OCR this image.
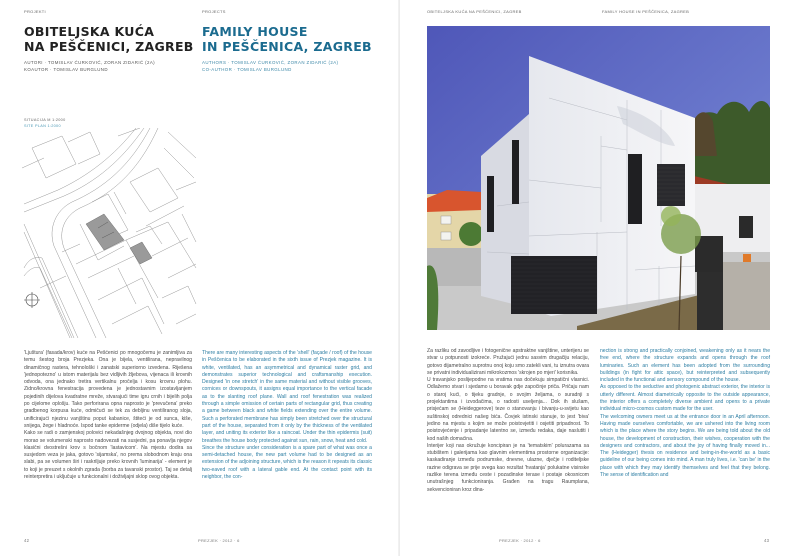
PROJEKTI	PROJECTS
OBITELJSKA KUĆA
NA PEŠČENICI, ZAGREB
FAMILY HOUSE
IN PEŠČENICA, ZAGREB
AUTORI · TOMISLAV ĆURKOVIĆ, ZORAN ZIDARIĆ (2A)
KOAUTOR · TOMISLAV BURGLUND
AUTHORS · TOMISLAV ĆURKOVIĆ, ZORAN ZIDARIĆ (2A)
CO-AUTHOR · TOMISLAV BURGLUND
SITUACIJA M 1:2000
SITE PLAN 1:2000

'Ljuštura' (fasada/krov) kuće na Pešćenici po mnogočemu je zanimljiva za temu šestog broja Prezjeka. Ona je bijela, ventilirana, nepravilnog dinamičnog rastera, tehnološki i zanatski superiorno izvedena. Riješena 'jednopotezno' u istom materijalu bez vidljivih žljebova, vijenaca ili krovnih odvoda, ona jednako tretira vertikalnu pročelja i kosu krovnu plohu. Zidno/krovna fenestracija provedena je jednostavnim izostavljanjem pojedinih dijelova kvadratne mreže, stvarajući time igru crnih i bijelih polja po cijelome oplošju. Tako perforirana opna naprosto je 'prevučena' preko gradbenog korpusa kuće, odmičući se tek za debljinu ventiliranog sloja, unificirajući njezinu vanjštinu poput kabanice, štiteći je od sunca, kiše, snijega, žege i hladnoće. Ispod tanke epiderme (odjela) diše tijelo kuće.

Kako se radi o zamjenskoj polovici nekadašnjeg dvojnog objekta, novi dio morao se volumenski naprosto nadovezati na susjedni, pa ponavlja njegov klasični dvostrešni krov s bočnom 'lastavicom'. Na mjestu dodira sa susjedom veza je jaka, gotovo 'sijamska', no prema slobodnom kraju ona slabi, pa se volumen širi i raskriljuje preko krovnih 'luminarija' - element je to koji je preuzet s okolnih zgrada (borba za tavanski prostor). Taj se detalj reinterpretira i uključuje u funkcionalni i doživljajni sklop ovog objekta.

There are many interesting aspects of the 'shell' (façade / roof) of the house in Peščenica to be elaborated in the sixth issue of Prezjek magazine. It is white, ventilated, has an asymmetrical and dynamical raster grid, and demonstrates superior technological and craftsmanship execution. Designed 'in one stretch' in the same material and without visible grooves, cornices or downspouts, it assigns equal importance to the vertical facade as to the slanting roof plane. Wall and roof fenestration was realized through a simple omission of certain parts of rectangular grid, thus creating a game between black and white fields extending over the entire volume. Such a perforated membrane has simply been stretched over the structural part of the house, separated from it only by the thickness of the ventilated layer, and uniting its exterior like a raincoat. Under the thin epidermis (suit) breathes the house body protected against sun, rain, snow, heat and cold.

Since the structure under consideration is a spare part of what was once a semi-detached house, the new part volume had to be designed as an extension of the adjoining structure, which is the reason it repeats its classic two-eaved roof with a lateral gable end. At the contact point with its neighbor, the con-

42	PREZJEK · 2012 · 6
OBITELJSKA KUĆA NA PEŠĆENICI, ZAGREB	FAMILY HOUSE IN PEŠČENICA, ZAGREB

Za razliku od zavodljive i fotogenične apstraktne vanjštine, unterijeru se stvar u potpunosti izokreće. Pružajući jednu sasvim drugačiju relaciju, gotovo dijametralno suprotnu onoj koju smo zatekli vani, tu iznutra ovara se privatni individualizirani mikrokozmos 'skrojen po mjeri' korisnika.

U travanjsko poslijepodne na vratima nas dočekuju simpatični vlasnici. Odlažemo stvari i sjedamo u boravak gdje započinje priča. Pričaju nam o staroj kući, o tijeku gradnje, o svojim željama, o suradnji s projektantima i izvođačima, o radosti useljenja... Dok ih slušam, prisjećam se (Heideggerove) teze o stanovanju i bivanju-u-svijetu kao suštinskoj odrednici našeg bića. Čovjek istinski stanuje, to jest 'biva' jedino na mjestu s kojim se može poistovjetiti i osjetiti pripadnost. To poistovjećenje i pripadanje latentno se, između redaka, daje naslutiti i kod naših domaćina.

Interijer koji nas okružuje koncipiran je na 'tematskim' polurazama sa stubištem i galerijama kao glavnim elementima prostorne organizacije: kaskadiranje između podrumske, dnevne, ulazne, dječje i roditeljske razine odigrava se prije svega kao rezultat 'hvatanja' polukatne visinske razlike terena između ceste i pozadinske terase i postaje okosnicom unutrašnjeg funkcioniranja. Građen na tragu Raumplana, sekvencioniran kroz dina-

nection is strong and practically conjoined, weakening only as it nears the free end, where the structure expands and opens through the roof luminaries. Such an element has been adopted from the surrounding buildings (in fight for attic space), but reinterpreted and subsequently included in the functional and sensory compound of the house.

As opposed to the seductive and photogenic abstract exterior, the interior is utterly different. Almost diametrically opposite to the outside appearance, the interior offers a completely diverse ambient and opens to a private individual micro-cosmos custom made for the user.

The welcoming owners meet us at the entrance door in an April afternoon. Having made ourselves comfortable, we are ushered into the living room which is the place where the story begins. We are being told about the old house, the development of construction, their wishes, cooperation with the designers and contractors, and about the joy of having finally moved in... The (Heidegger) thesis on residence and being-in-the-world as a basic guideline of our being comes into mind. A man truly lives, i.e. 'can be' in the place with which they may identify themselves and feel that they belong. The sense of identification and

PREZJEK · 2012 · 6	43
